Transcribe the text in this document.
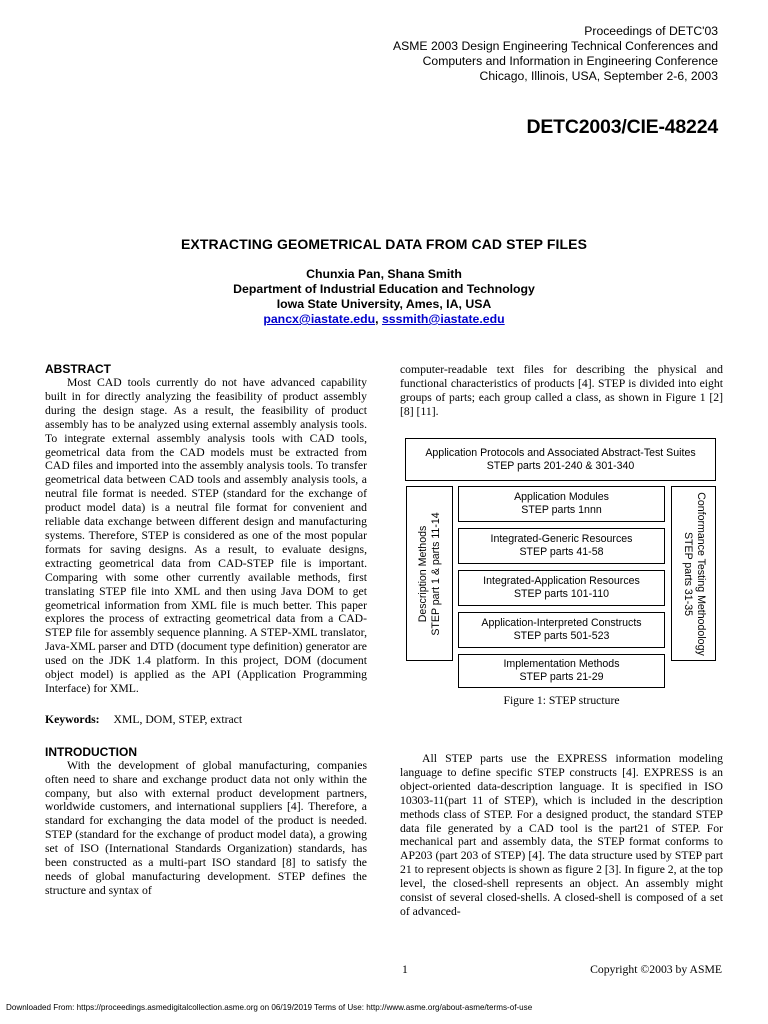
Proceedings of DETC'03
ASME 2003 Design Engineering Technical Conferences and
Computers and Information in Engineering Conference
Chicago, Illinois, USA, September 2-6, 2003
DETC2003/CIE-48224
EXTRACTING GEOMETRICAL DATA FROM CAD STEP FILES
Chunxia Pan, Shana Smith
Department of Industrial Education and Technology
Iowa State University, Ames, IA, USA
pancx@iastate.edu, sssmith@iastate.edu
ABSTRACT

Most CAD tools currently do not have advanced capability built in for directly analyzing the feasibility of product assembly during the design stage. As a result, the feasibility of product assembly has to be analyzed using external assembly analysis tools. To integrate external assembly analysis tools with CAD tools, geometrical data from the CAD models must be extracted from CAD files and imported into the assembly analysis tools. To transfer geometrical data between CAD tools and assembly analysis tools, a neutral file format is needed. STEP (standard for the exchange of product model data) is a neutral file format for convenient and reliable data exchange between different design and manufacturing systems. Therefore, STEP is considered as one of the most popular formats for saving designs. As a result, to evaluate designs, extracting geometrical data from CAD-STEP file is important. Comparing with some other currently available methods, first translating STEP file into XML and then using Java DOM to get geometrical information from XML file is much better. This paper explores the process of extracting geometrical data from a CAD-STEP file for assembly sequence planning. A STEP-XML translator, Java-XML parser and DTD (document type definition) generator are used on the JDK 1.4 platform. In this project, DOM (document object model) is applied as the API (Application Programming Interface) for XML.

Keywords: XML, DOM, STEP, extract

INTRODUCTION

With the development of global manufacturing, companies often need to share and exchange product data not only within the company, but also with external product development partners, worldwide customers, and international suppliers [4]. Therefore, a standard for exchanging the data model of the product is needed. STEP (standard for the exchange of product model data), a growing set of ISO (International Standards Organization) standards, has been constructed as a multi-part ISO standard [8] to satisfy the needs of global manufacturing development. STEP defines the structure and syntax of

computer-readable text files for describing the physical and functional characteristics of products [4]. STEP is divided into eight groups of parts; each group called a class, as shown in Figure 1 [2] [8] [11].

Application Protocols and Associated Abstract-Test Suites
STEP parts 201-240 & 301-340
Description Methods STEP part 1 & parts 11-14	Conformance Testing Methodology
STEP parts 31-35
Application Modules
STEP parts 1nnn
Integrated-Generic Resources
STEP parts 41-58
Integrated-Application Resources
STEP parts 101-110
Application-Interpreted Constructs
STEP parts 501-523
Implementation Methods
STEP parts 21-29
Figure 1: STEP structure

All STEP parts use the EXPRESS information modeling language to define specific STEP constructs [4]. EXPRESS is an object-oriented data-description language. It is specified in ISO 10303-11(part 11 of STEP), which is included in the description methods class of STEP. For a designed product, the standard STEP data file generated by a CAD tool is the part21 of STEP. For mechanical part and assembly data, the STEP format conforms to AP203 (part 203 of STEP) [4]. The data structure used by STEP part 21 to represent objects is shown as figure 2 [3]. In figure 2, at the top level, the closed-shell represents an object. An assembly might consist of several closed-shells. A closed-shell is composed of a set of advanced-

1	Copyright ©2003 by ASME
Downloaded From: https://proceedings.asmedigitalcollection.asme.org on 06/19/2019 Terms of Use: http://www.asme.org/about-asme/terms-of-use
